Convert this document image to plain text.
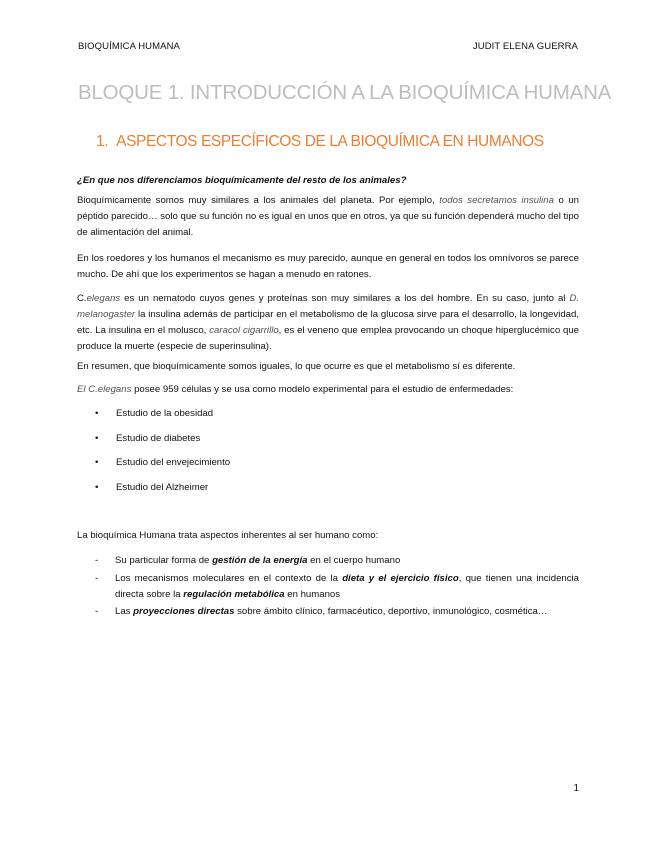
BIOQUÍMICA HUMANA	JUDIT ELENA GUERRA
BLOQUE 1. INTRODUCCIÓN A LA BIOQUÍMICA HUMANA
1. ASPECTOS ESPECÍFICOS DE LA BIOQUÍMICA EN HUMANOS
¿En que nos diferenciamos bioquímicamente del resto de los animales?

Bioquímicamente somos muy similares a los animales del planeta. Por ejemplo, todos secretamos insulina o un péptido parecido… solo que su función no es igual en unos que en otros, ya que su función dependerá mucho del tipo de alimentación del animal.

En los roedores y los humanos el mecanismo es muy parecido, aunque en general en todos los omnívoros se parece mucho. De ahí que los experimentos se hagan a menudo en ratones.

C.elegans es un nematodo cuyos genes y proteínas son muy similares a los del hombre. En su caso, junto al D. melanogaster la insulina además de participar en el metabolismo de la glucosa sirve para el desarrollo, la longevidad, etc. La insulina en el molusco, caracol cigarrillo, es el veneno que emplea provocando un choque hiperglucémico que produce la muerte (especie de superinsulina).

En resumen, que bioquímicamente somos iguales, lo que ocurre es que el metabolismo sí es diferente.

El C.elegans posee 959 células y se usa como modelo experimental para el estudio de enfermedades:

•	Estudio de la obesidad
•	Estudio de diabetes
•	Estudio del envejecimiento
•	Estudio del Alzheimer
La bioquímica Humana trata aspectos inherentes al ser humano como:
-	Su particular forma de gestión de la energía en el cuerpo humano
-	Los mecanismos moleculares en el contexto de la dieta y el ejercicio físico, que tienen una incidencia directa sobre la regulación metabólica en humanos
-	Las proyecciones directas sobre ámbito clínico, farmacéutico, deportivo, inmunológico, cosmética…
1
